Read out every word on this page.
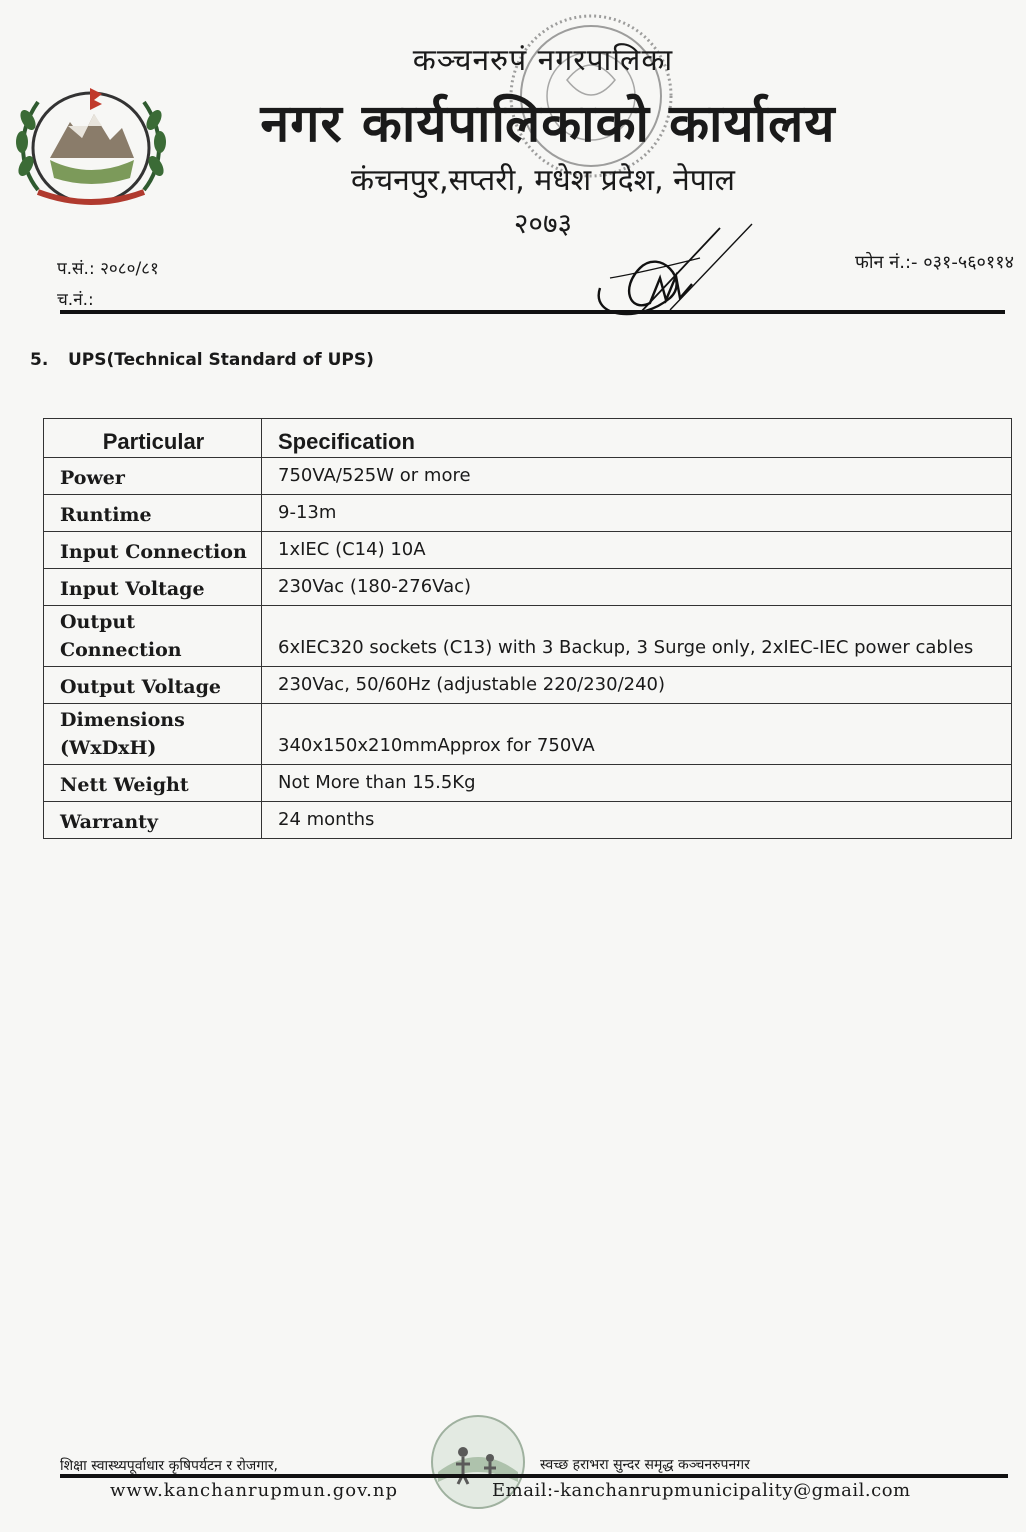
कञ्चनरुपं नगरपालिका
नगर कार्यपालिकाको कार्यालय
कंचनपुर,सप्तरी, मधेश प्रदेश, नेपाल
२०७३
प.सं.: २०८०/८१
च.नं.:
फोन नं.:- ०३१-५६०११४
5. UPS(Technical Standard of UPS)
Particular	Specification
Power	750VA/525W or more
Runtime	9-13m
Input Connection	1xIEC (C14) 10A
Input Voltage	230Vac (180-276Vac)
Output Connection	6xIEC320 sockets (C13) with 3 Backup, 3 Surge only, 2xIEC-IEC power cables
Output Voltage	230Vac, 50/60Hz (adjustable 220/230/240)
Dimensions (WxDxH)	340x150x210mmApprox for 750VA
Nett Weight	Not More than 15.5Kg
Warranty	24 months
शिक्षा स्वास्थ्यपूर्वाधार कृषिपर्यटन र रोजगार,	स्वच्छ हराभरा सुन्दर समृद्ध कञ्चनरुपनगर
www.kanchanrupmun.gov.np	Email:-kanchanrupmunicipality@gmail.com
